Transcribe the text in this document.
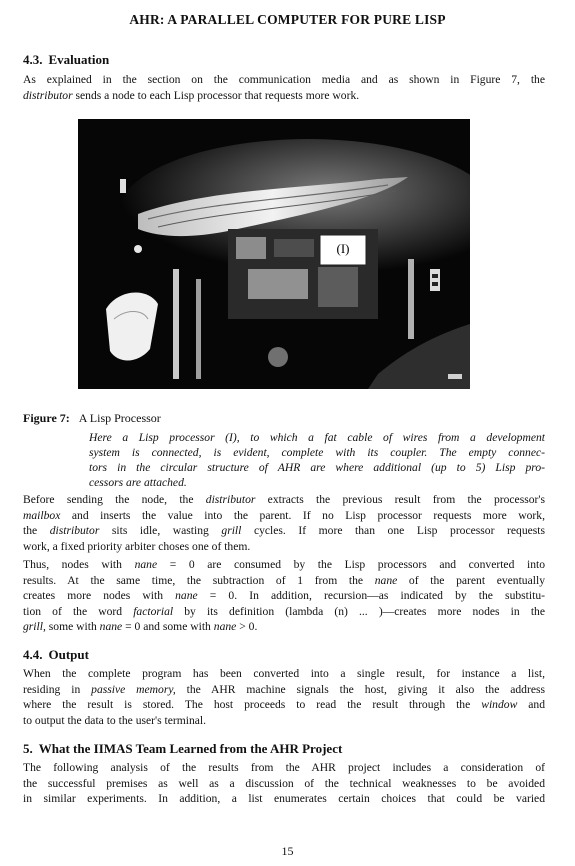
AHR: A PARALLEL COMPUTER FOR PURE LISP
4.3. Evaluation
As explained in the section on the communication media and as shown in Figure 7, the
distributor sends a node to each Lisp processor that requests more work.
(I)
Figure 7: A Lisp Processor
Here a Lisp processor (I), to which a fat cable of wires from a development
system is connected, is evident, complete with its coupler. The empty connec-
tors in the circular structure of AHR are where additional (up to 5) Lisp pro-
cessors are attached.
Before sending the node, the distributor extracts the previous result from the processor's
mailbox and inserts the value into the parent. If no Lisp processor requests more work,
the distributor sits idle, wasting grill cycles. If more than one Lisp processor requests
work, a fixed priority arbiter choses one of them.
Thus, nodes with nane = 0 are consumed by the Lisp processors and converted into
results. At the same time, the subtraction of 1 from the nane of the parent eventually
creates more nodes with nane = 0. In addition, recursion—as indicated by the substitu-
tion of the word factorial by its definition (lambda (n) ... )—creates more nodes in the
grill, some with nane = 0 and some with nane > 0.
4.4. Output
When the complete program has been converted into a single result, for instance a list,
residing in passive memory, the AHR machine signals the host, giving it also the address
where the result is stored. The host proceeds to read the result through the window and
to output the data to the user's terminal.
5. What the IIMAS Team Learned from the AHR Project
The following analysis of the results from the AHR project includes a consideration of
the successful premises as well as a discussion of the technical weaknesses to be avoided
in similar experiments. In addition, a list enumerates certain choices that could be varied
15
